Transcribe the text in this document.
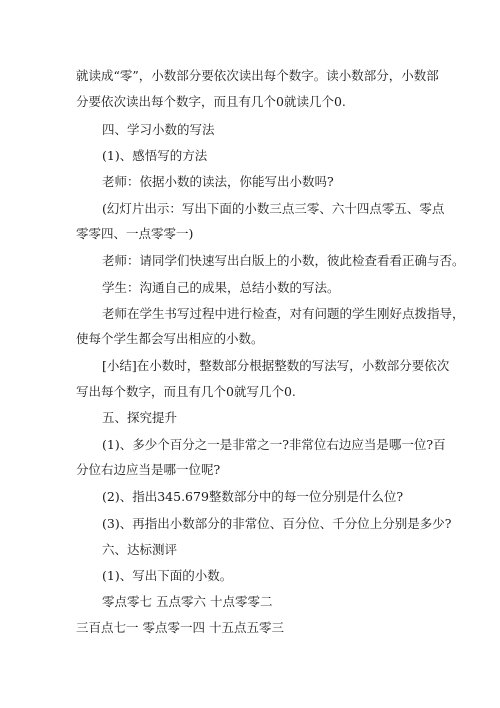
就读成“零”，小数部分要依次读出每个数字。读小数部分，小数部
分要依次读出每个数字，而且有几个0就读几个0.
四、学习小数的写法
(1)、感悟写的方法
老师：依据小数的读法，你能写出小数吗?
(幻灯片出示：写出下面的小数三点三零、六十四点零五、零点
零零四、一点零零一)
老师：请同学们快速写出白版上的小数，彼此检查看看正确与否。
学生：沟通自己的成果，总结小数的写法。
老师在学生书写过程中进行检查，对有问题的学生刚好点拨指导，
使每个学生都会写出相应的小数。
[小结]在小数时，整数部分根据整数的写法写，小数部分要依次
写出每个数字，而且有几个0就写几个0.
五、探究提升
(1)、多少个百分之一是非常之一?非常位右边应当是哪一位?百
分位右边应当是哪一位呢?
(2)、指出345.679整数部分中的每一位分别是什么位?
(3)、再指出小数部分的非常位、百分位、千分位上分别是多少?
六、达标测评
(1)、写出下面的小数。
零点零七 五点零六 十点零零二
三百点七一 零点零一四 十五点五零三
